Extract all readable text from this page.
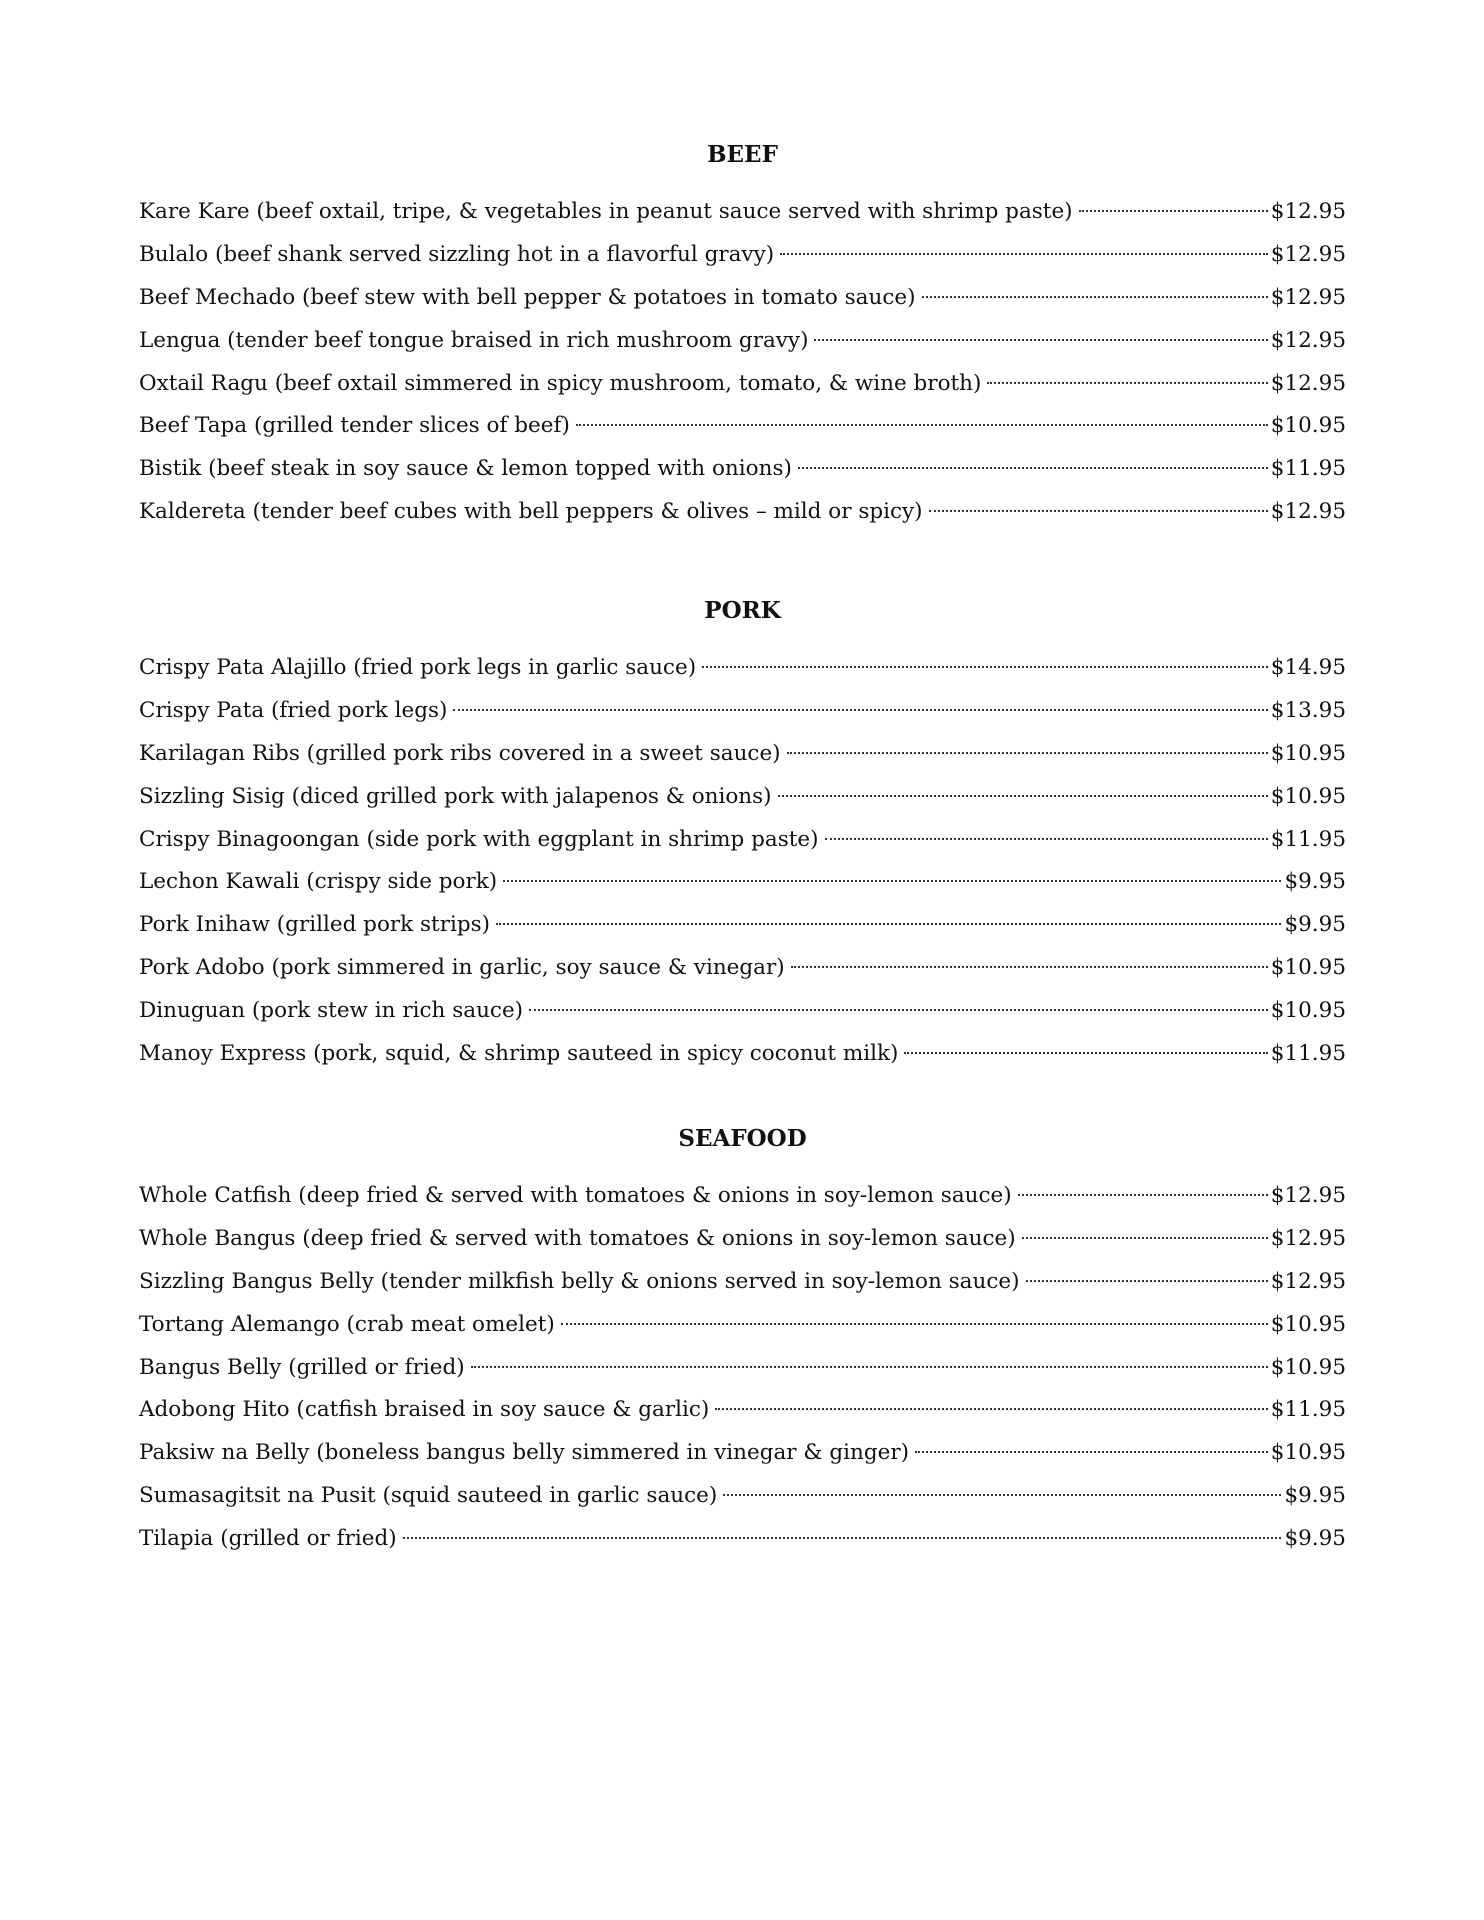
BEEF
Kare Kare (beef oxtail, tripe, & vegetables in peanut sauce served with shrimp paste)	$12.95
Bulalo (beef shank served sizzling hot in a flavorful gravy)	$12.95
Beef Mechado (beef stew with bell pepper & potatoes in tomato sauce)	$12.95
Lengua (tender beef tongue braised in rich mushroom gravy)	$12.95
Oxtail Ragu (beef oxtail simmered in spicy mushroom, tomato, & wine broth)	$12.95
Beef Tapa (grilled tender slices of beef)	$10.95
Bistik (beef steak in soy sauce & lemon topped with onions)	$11.95
Kaldereta (tender beef cubes with bell peppers & olives – mild or spicy)	$12.95
PORK
Crispy Pata Alajillo (fried pork legs in garlic sauce)	$14.95
Crispy Pata (fried pork legs)	$13.95
Karilagan Ribs (grilled pork ribs covered in a sweet sauce)	$10.95
Sizzling Sisig (diced grilled pork with jalapenos & onions)	$10.95
Crispy Binagoongan (side pork with eggplant in shrimp paste)	$11.95
Lechon Kawali (crispy side pork)	$9.95
Pork Inihaw (grilled pork strips)	$9.95
Pork Adobo (pork simmered in garlic, soy sauce & vinegar)	$10.95
Dinuguan (pork stew in rich sauce)	$10.95
Manoy Express (pork, squid, & shrimp sauteed in spicy coconut milk)	$11.95
SEAFOOD
Whole Catfish (deep fried & served with tomatoes & onions in soy-lemon sauce)	$12.95
Whole Bangus (deep fried & served with tomatoes & onions in soy-lemon sauce)	$12.95
Sizzling Bangus Belly (tender milkfish belly & onions served in soy-lemon sauce)	$12.95
Tortang Alemango (crab meat omelet)	$10.95
Bangus Belly (grilled or fried)	$10.95
Adobong Hito (catfish braised in soy sauce & garlic)	$11.95
Paksiw na Belly (boneless bangus belly simmered in vinegar & ginger)	$10.95
Sumasagitsit na Pusit (squid sauteed in garlic sauce)	$9.95
Tilapia (grilled or fried)	$9.95
